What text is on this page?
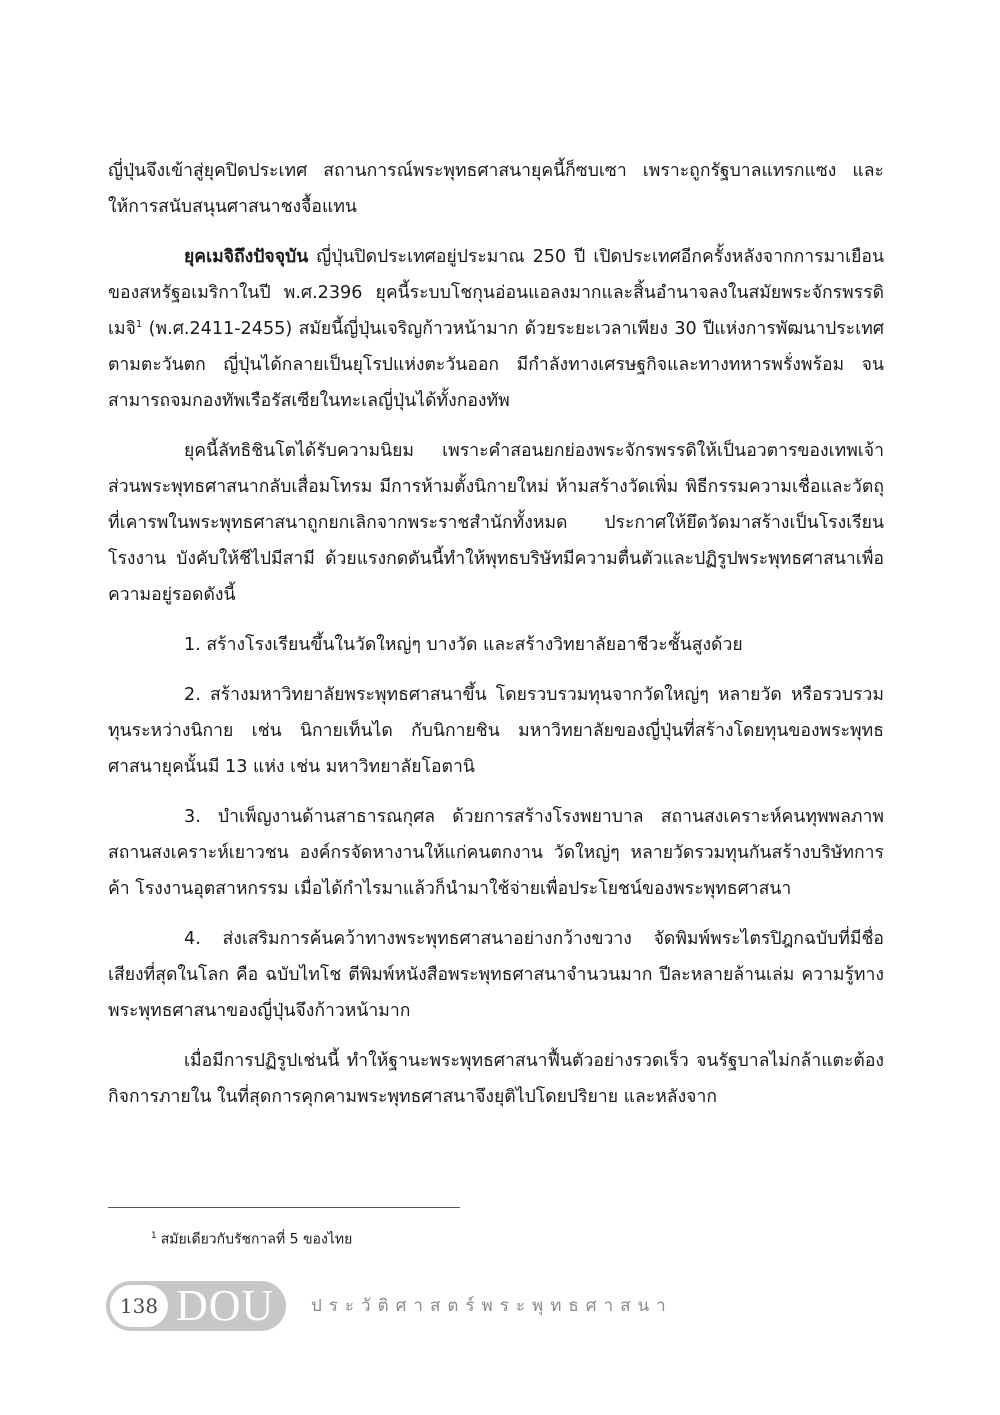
ญี่ปุ่นจึงเข้าสู่ยุคปิดประเทศ สถานการณ์พระพุทธศาสนายุคนี้ก็ซบเซา เพราะถูกรัฐบาลแทรกแซง และให้การสนับสนุนศาสนาชงจื้อแทน

ยุคเมจิถึงปัจจุบัน ญี่ปุ่นปิดประเทศอยู่ประมาณ 250 ปี เปิดประเทศอีกครั้งหลังจากการมาเยือนของสหรัฐอเมริกาในปี พ.ศ.2396 ยุคนี้ระบบโชกุนอ่อนแอลงมากและสิ้นอำนาจลงในสมัยพระจักรพรรดิเมจิ$^1$ (พ.ศ.2411-2455) สมัยนี้ญี่ปุ่นเจริญก้าวหน้ามาก ด้วยระยะเวลาเพียง 30 ปีแห่งการพัฒนาประเทศตามตะวันตก ญี่ปุ่นได้กลายเป็นยุโรปแห่งตะวันออก มีกำลังทางเศรษฐกิจและทางทหารพรั่งพร้อม จนสามารถจมกองทัพเรือรัสเซียในทะเลญี่ปุ่นได้ทั้งกองทัพ

ยุคนี้ลัทธิชินโตได้รับความนิยม เพราะคำสอนยกย่องพระจักรพรรดิให้เป็นอวตารของเทพเจ้า ส่วนพระพุทธศาสนากลับเสื่อมโทรม มีการห้ามตั้งนิกายใหม่ ห้ามสร้างวัดเพิ่ม พิธีกรรมความเชื่อและวัตถุที่เคารพในพระพุทธศาสนาถูกยกเลิกจากพระราชสำนักทั้งหมด ประกาศให้ยึดวัดมาสร้างเป็นโรงเรียน โรงงาน บังคับให้ชีไปมีสามี ด้วยแรงกดดันนี้ทำให้พุทธบริษัทมีความตื่นตัวและปฏิรูปพระพุทธศาสนาเพื่อความอยู่รอดดังนี้

1. สร้างโรงเรียนขึ้นในวัดใหญ่ๆ บางวัด และสร้างวิทยาลัยอาชีวะชั้นสูงด้วย

2. สร้างมหาวิทยาลัยพระพุทธศาสนาขึ้น โดยรวบรวมทุนจากวัดใหญ่ๆ หลายวัด หรือรวบรวมทุนระหว่างนิกาย เช่น นิกายเท็นได กับนิกายชิน มหาวิทยาลัยของญี่ปุ่นที่สร้างโดยทุนของพระพุทธศาสนายุคนั้นมี 13 แห่ง เช่น มหาวิทยาลัยโอตานิ

3. บำเพ็ญงานด้านสาธารณกุศล ด้วยการสร้างโรงพยาบาล สถานสงเคราะห์คนทุพพลภาพ สถานสงเคราะห์เยาวชน องค์กรจัดหางานให้แก่คนตกงาน วัดใหญ่ๆ หลายวัดรวมทุนกันสร้างบริษัทการค้า โรงงานอุตสาหกรรม เมื่อได้กำไรมาแล้วก็นำมาใช้จ่ายเพื่อประโยชน์ของพระพุทธศาสนา

4. ส่งเสริมการค้นคว้าทางพระพุทธศาสนาอย่างกว้างขวาง จัดพิมพ์พระไตรปิฎกฉบับที่มีชื่อเสียงที่สุดในโลก คือ ฉบับไทโช ตีพิมพ์หนังสือพระพุทธศาสนาจำนวนมาก ปีละหลายล้านเล่ม ความรู้ทางพระพุทธศาสนาของญี่ปุ่นจึงก้าวหน้ามาก

เมื่อมีการปฏิรูปเช่นนี้ ทำให้ฐานะพระพุทธศาสนาฟื้นตัวอย่างรวดเร็ว จนรัฐบาลไม่กล้าแตะต้องกิจการภายใน ในที่สุดการคุกคามพระพุทธศาสนาจึงยุติไปโดยปริยาย และหลังจาก

$^1$ สมัยเดียวกับรัชกาลที่ 5 ของไทย
138 DOU ประวัติศาสตร์พระพุทธศาสนา
